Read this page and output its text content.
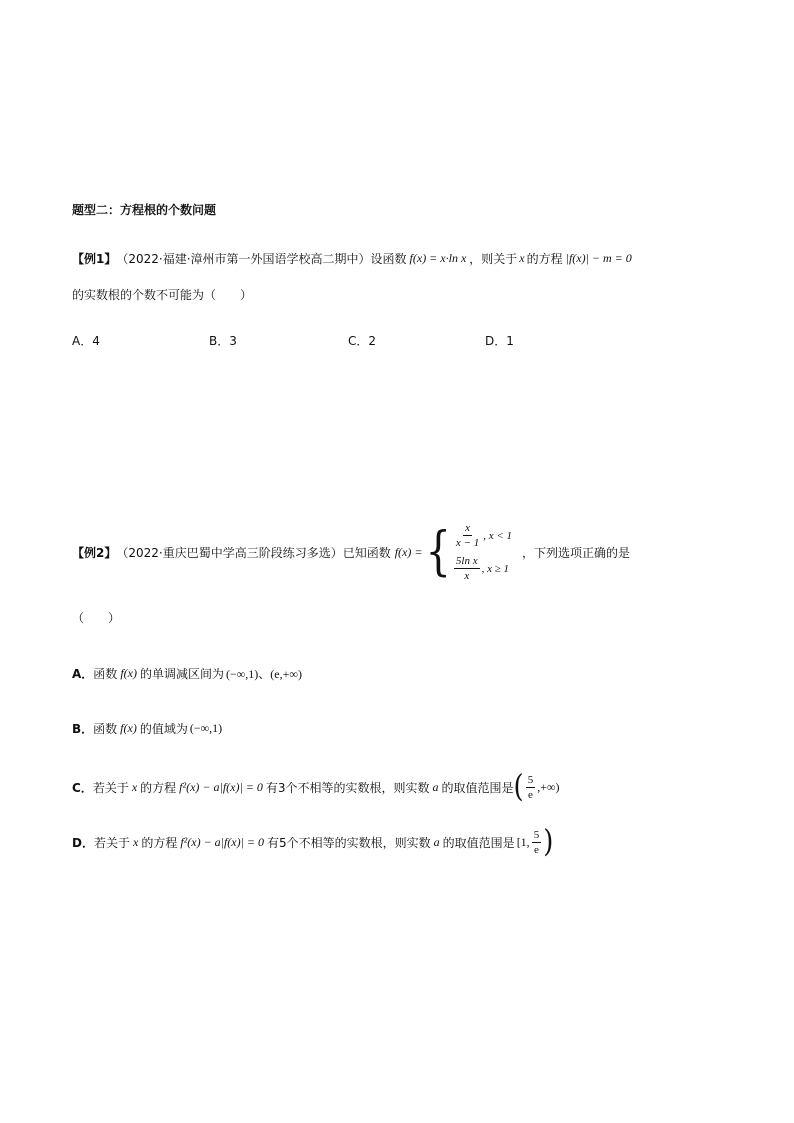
题型二：方程根的个数问题
【例1】 （2022·福建·漳州市第一外国语学校高二期中）设函数 f(x) = x·ln x ，则关于 x 的方程 |f(x)| − m = 0
的实数根的个数不可能为（　　）
A．4	B．3	C．2	D．1
【例2】 （2022·重庆巴蜀中学高三阶段练习多选）已知函数 f(x) = { $\frac{x}{x - 1}$ , x < 1
$\frac{\text{5ln x}}{x}$ , x ≥ 1
，下列选项正确的是
（　　）
A． 函数 f(x) 的单调减区间为 (−∞,1)、(e,+∞)
B． 函数 f(x) 的值域为 (−∞,1)
C． 若关于 x 的方程 f²(x) − a|f(x)| = 0 有3个不相等的实数根，则实数 a 的取值范围是 ( $\frac{5}{e}$ ,+∞)
D． 若关于 x 的方程 f²(x) − a|f(x)| = 0 有5个不相等的实数根，则实数 a 的取值范围是 [1, $\frac{5}{e}$ )
